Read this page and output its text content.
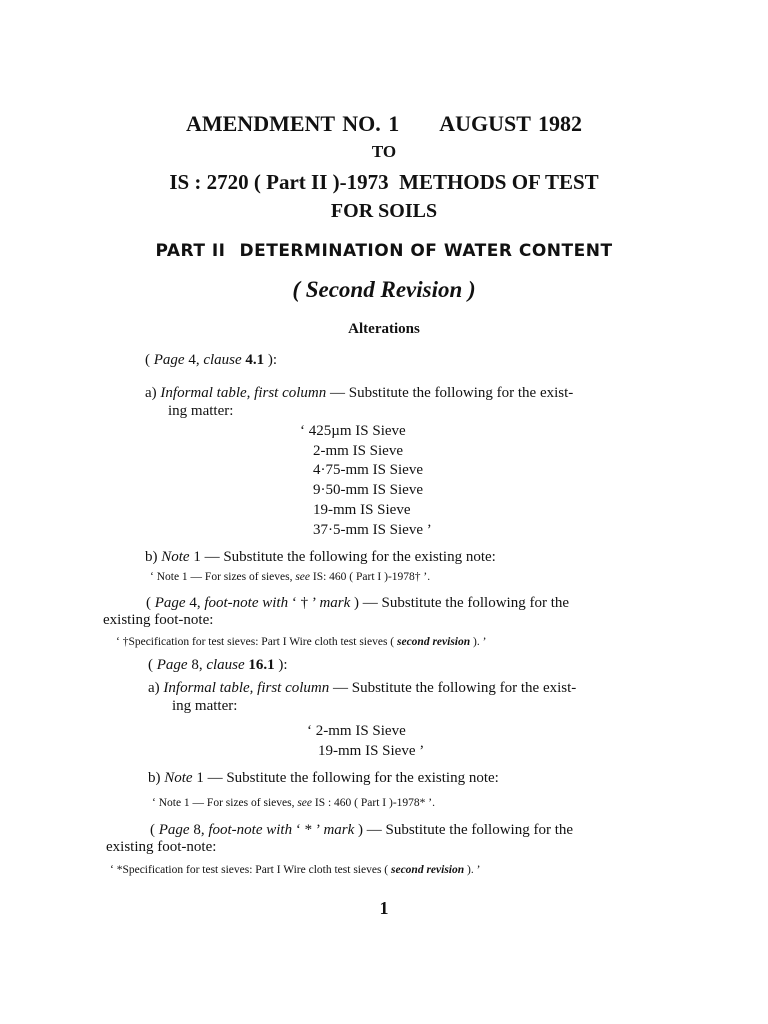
AMENDMENT NO. 1 AUGUST 1982
TO
IS : 2720 ( Part II )-1973 METHODS OF TEST
FOR SOILS
PART II DETERMINATION OF WATER CONTENT
( Second Revision )
Alterations
( Page 4, clause 4.1 ):
a) Informal table, first column — Substitute the following for the exist-
ing matter:
‘ 425µm IS Sieve
2-mm IS Sieve
4·75-mm IS Sieve
9·50-mm IS Sieve
19-mm IS Sieve
37·5-mm IS Sieve ’
b) Note 1 — Substitute the following for the existing note:
‘ Note 1 — For sizes of sieves, see IS: 460 ( Part I )-1978† ’.
( Page 4, foot-note with ‘ † ’ mark ) — Substitute the following for the
existing foot-note:
‘ †Specification for test sieves: Part I Wire cloth test sieves ( second revision ). ’
( Page 8, clause 16.1 ):
a) Informal table, first column — Substitute the following for the exist-
ing matter:
‘ 2-mm IS Sieve
19-mm IS Sieve ’
b) Note 1 — Substitute the following for the existing note:
‘ Note 1 — For sizes of sieves, see IS : 460 ( Part I )-1978* ’.
( Page 8, foot-note with ‘ * ’ mark ) — Substitute the following for the
existing foot-note:
‘ *Specification for test sieves: Part I Wire cloth test sieves ( second revision ). ’
1
